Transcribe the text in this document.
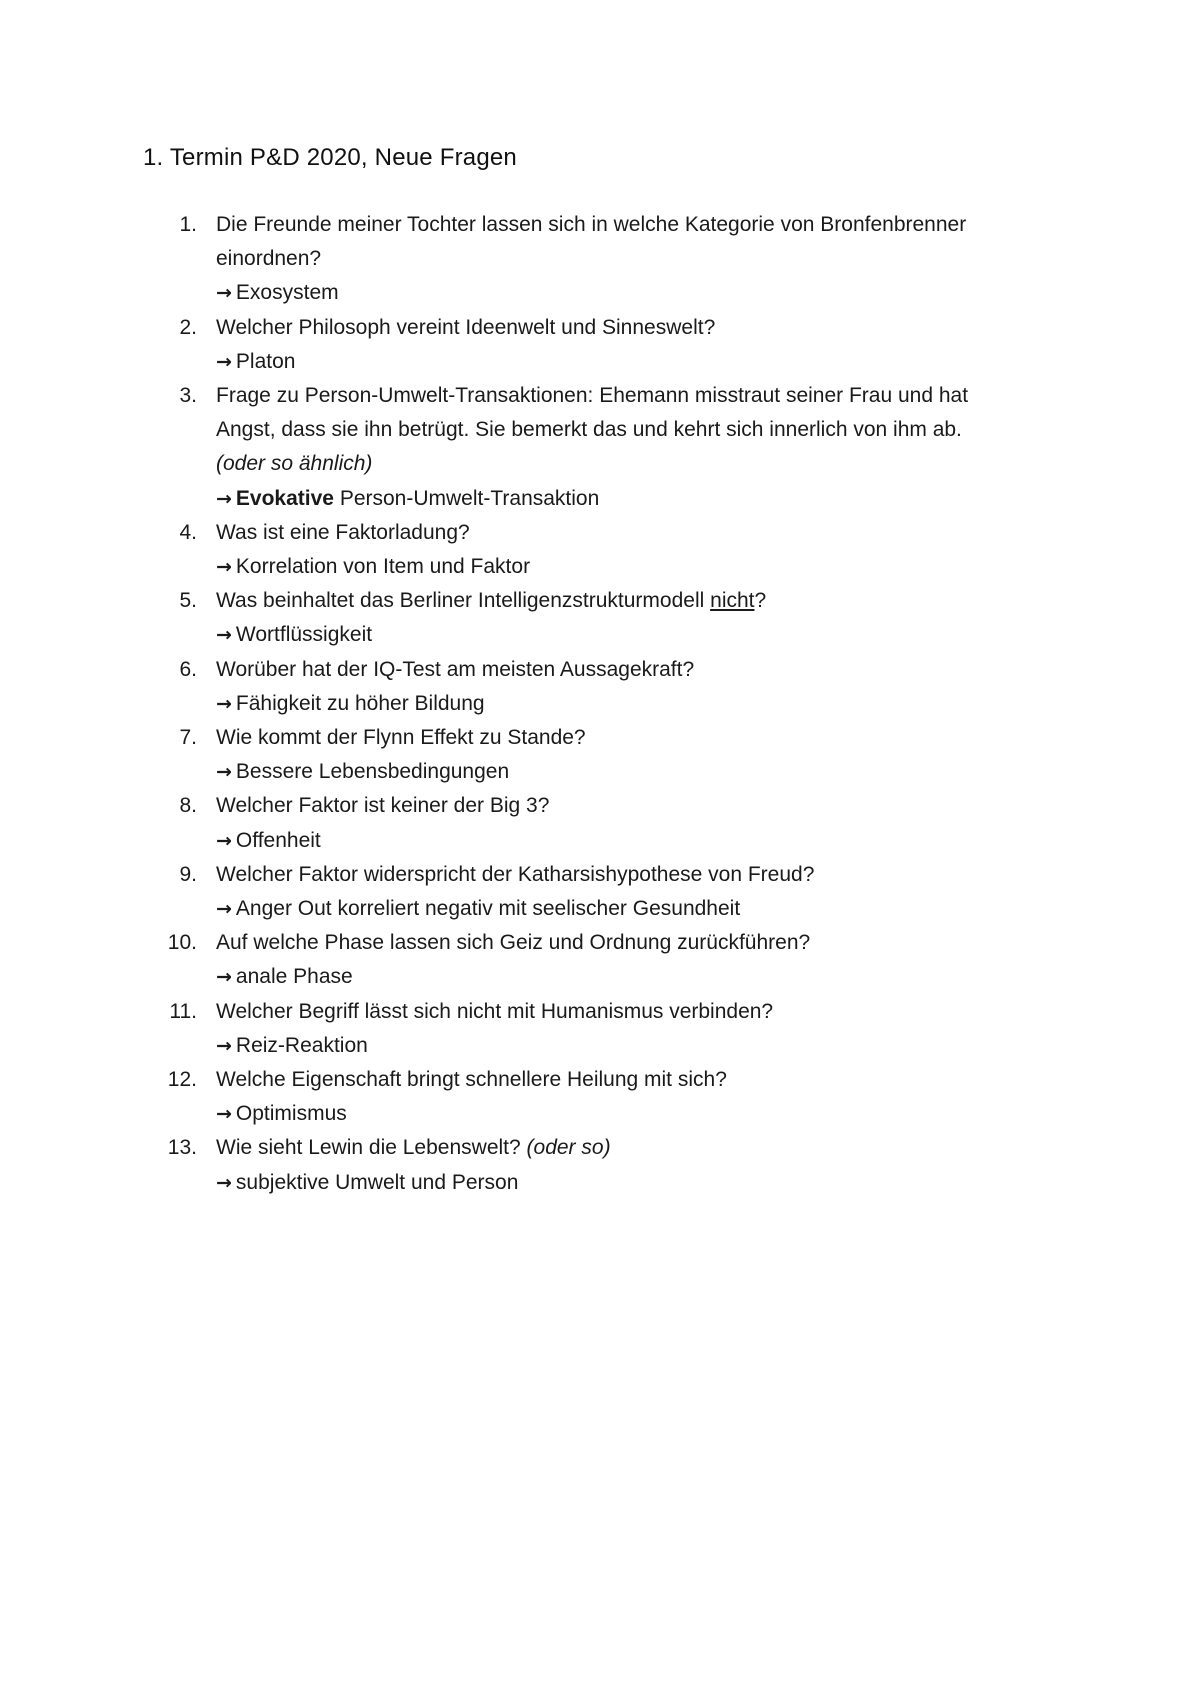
1. Termin P&D 2020, Neue Fragen
1. Die Freunde meiner Tochter lassen sich in welche Kategorie von Bronfenbrenner einordnen?
→ Exosystem
2. Welcher Philosoph vereint Ideenwelt und Sinneswelt?
→ Platon
3. Frage zu Person-Umwelt-Transaktionen: Ehemann misstraut seiner Frau und hat Angst, dass sie ihn betrügt. Sie bemerkt das und kehrt sich innerlich von ihm ab.
(oder so ähnlich)
→ Evokative Person-Umwelt-Transaktion
4. Was ist eine Faktorladung?
→ Korrelation von Item und Faktor
5. Was beinhaltet das Berliner Intelligenzstrukturmodell nicht?
→ Wortflüssigkeit
6. Worüber hat der IQ-Test am meisten Aussagekraft?
→ Fähigkeit zu höher Bildung
7. Wie kommt der Flynn Effekt zu Stande?
→ Bessere Lebensbedingungen
8. Welcher Faktor ist keiner der Big 3?
→ Offenheit
9. Welcher Faktor widerspricht der Katharsishypothese von Freud?
→ Anger Out korreliert negativ mit seelischer Gesundheit
10. Auf welche Phase lassen sich Geiz und Ordnung zurückführen?
→ anale Phase
11. Welcher Begriff lässt sich nicht mit Humanismus verbinden?
→ Reiz-Reaktion
12. Welche Eigenschaft bringt schnellere Heilung mit sich?
→ Optimismus
13. Wie sieht Lewin die Lebenswelt? (oder so)
→ subjektive Umwelt und Person
